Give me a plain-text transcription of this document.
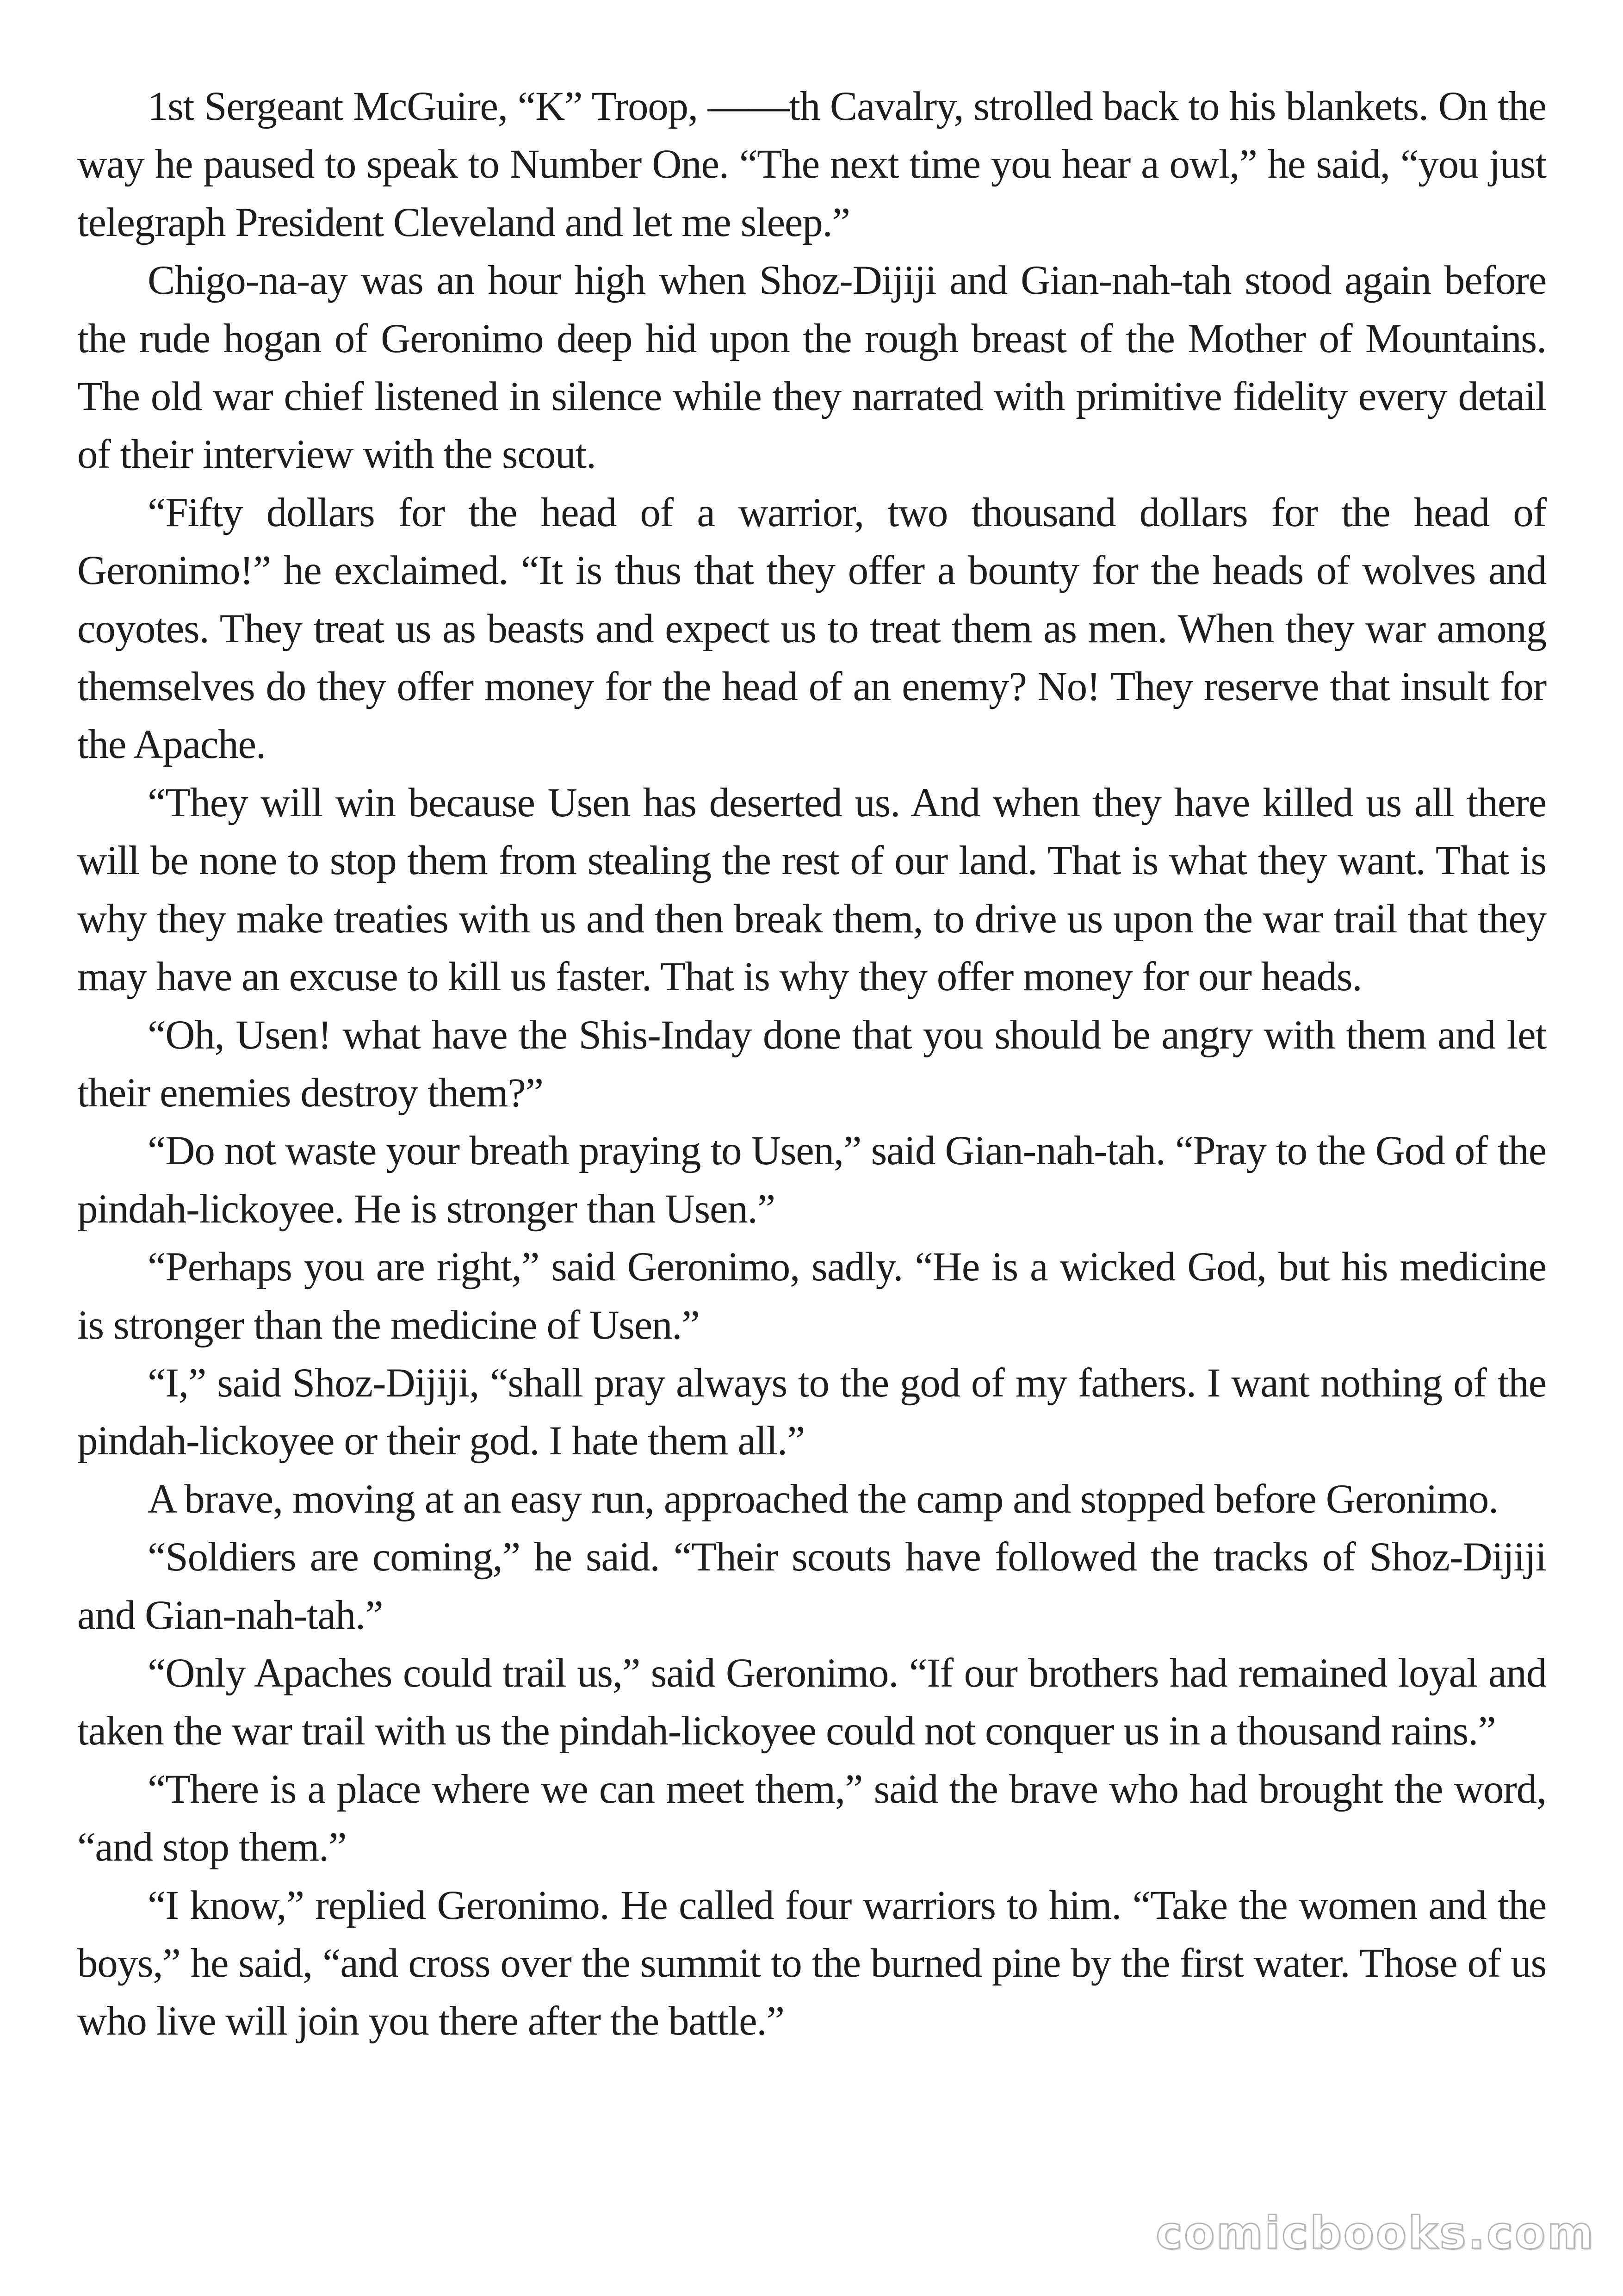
1st Sergeant McGuire, “K” Troop, ——th Cavalry, strolled back to his blankets. On the way he paused to speak to Number One. “The next time you hear a owl,” he said, “you just telegraph President Cleveland and let me sleep.”

Chigo-na-ay was an hour high when Shoz-Dijiji and Gian-nah-tah stood again before the rude hogan of Geronimo deep hid upon the rough breast of the Mother of Mountains. The old war chief listened in silence while they narrated with primitive fidelity every detail of their interview with the scout.

“Fifty dollars for the head of a warrior, two thousand dollars for the head of Geronimo!” he exclaimed. “It is thus that they offer a bounty for the heads of wolves and coyotes. They treat us as beasts and expect us to treat them as men. When they war among themselves do they offer money for the head of an enemy? No! They reserve that insult for the Apache.

“They will win because Usen has deserted us. And when they have killed us all there will be none to stop them from stealing the rest of our land. That is what they want. That is why they make treaties with us and then break them, to drive us upon the war trail that they may have an excuse to kill us faster. That is why they offer money for our heads.

“Oh, Usen! what have the Shis-Inday done that you should be angry with them and let their enemies destroy them?”

“Do not waste your breath praying to Usen,” said Gian-nah-tah. “Pray to the God of the pindah-lickoyee. He is stronger than Usen.”

“Perhaps you are right,” said Geronimo, sadly. “He is a wicked God, but his medicine is stronger than the medicine of Usen.”

“I,” said Shoz-Dijiji, “shall pray always to the god of my fathers. I want nothing of the pindah-lickoyee or their god. I hate them all.”

A brave, moving at an easy run, approached the camp and stopped before Geronimo.

“Soldiers are coming,” he said. “Their scouts have followed the tracks of Shoz-Dijiji and Gian-nah-tah.”

“Only Apaches could trail us,” said Geronimo. “If our brothers had remained loyal and taken the war trail with us the pindah-lickoyee could not conquer us in a thousand rains.”

“There is a place where we can meet them,” said the brave who had brought the word, “and stop them.”

“I know,” replied Geronimo. He called four warriors to him. “Take the women and the boys,” he said, “and cross over the summit to the burned pine by the first water. Those of us who live will join you there after the battle.”

comicbooks.com
